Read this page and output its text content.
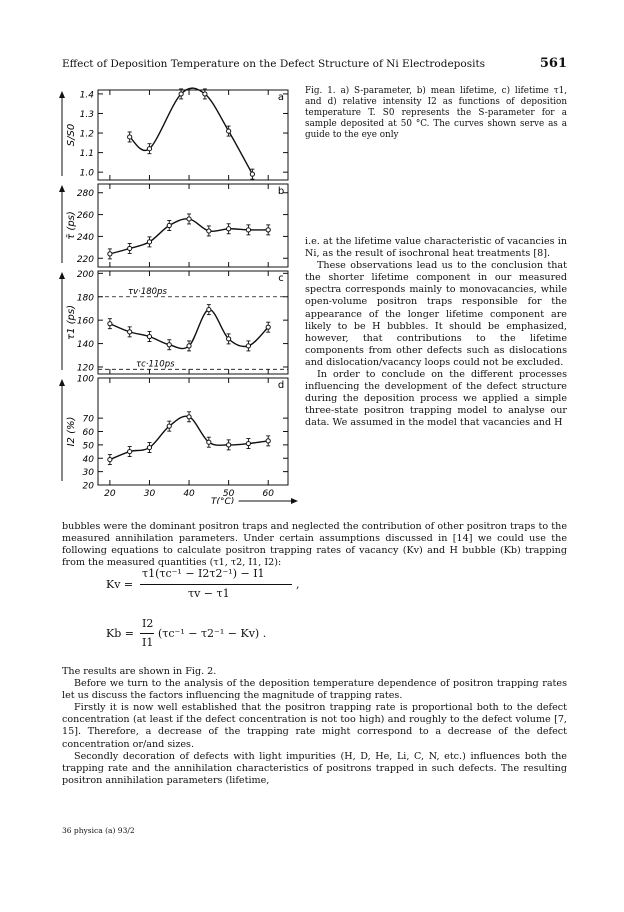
Effect of Deposition Temperature on the Defect Structure of Ni Electrodeposits	561
a
1.4
1.3
1.2
1.1
1.0
S/S0
b
280
260
240
220
τ̄ (ps)
c
200
180
160
140
120
τ1 (ps)
τv·180ps
τc·110ps
d
100
70
60
50
40
30
20
I2 (%)
20	30	40	50	60
T(°C)
Fig. 1. a) S-parameter, b) mean lifetime, c) lifetime τ1, and d) relative intensity I2 as functions of deposition temperature T. S0 represents the S-parameter for a sample deposited at 50 °C. The curves shown serve as a guide to the eye only

i.e. at the lifetime value characteristic of vacancies in Ni, as the result of isochronal heat treatments [8].

These observations lead us to the conclusion that the shorter lifetime component in our measured spectra corresponds mainly to monovacancies, while open-volume positron traps responsible for the appearance of the longer lifetime component are likely to be H bubbles. It should be emphasized, however, that contributions to the lifetime components from other defects such as dislocations and dislocation/vacancy loops could not be excluded.

In order to conclude on the different processes influencing the development of the defect structure during the deposition process we applied a simple three-state positron trapping model to analyse our data. We assumed in the model that vacancies and H

bubbles were the dominant positron traps and neglected the contribution of other positron traps to the measured annihilation parameters. Under certain assumptions discussed in [14] we could use the following equations to calculate positron trapping rates of vacancy (Kv) and H bubble (Kb) trapping from the measured quantities (τ1, τ2, I1, I2):

Kv =
τ1(τc⁻¹ − I2τ2⁻¹) − I1
τv − τ1
,
Kb =
I2
I1
(τc⁻¹ − τ2⁻¹ − Kv) .

The results are shown in Fig. 2.

Before we turn to the analysis of the deposition temperature dependence of positron trapping rates let us discuss the factors influencing the magnitude of trapping rates.

Firstly it is now well established that the positron trapping rate is proportional both to the defect concentration (at least if the defect concentration is not too high) and roughly to the defect volume [7, 15]. Therefore, a decrease of the trapping rate might correspond to a decrease of the defect concentration or/and sizes.

Secondly decoration of defects with light impurities (H, D, He, Li, C, N, etc.) influences both the trapping rate and the annihilation characteristics of positrons trapped in such defects. The resulting positron annihilation parameters (lifetime,

36 physica (a) 93/2
